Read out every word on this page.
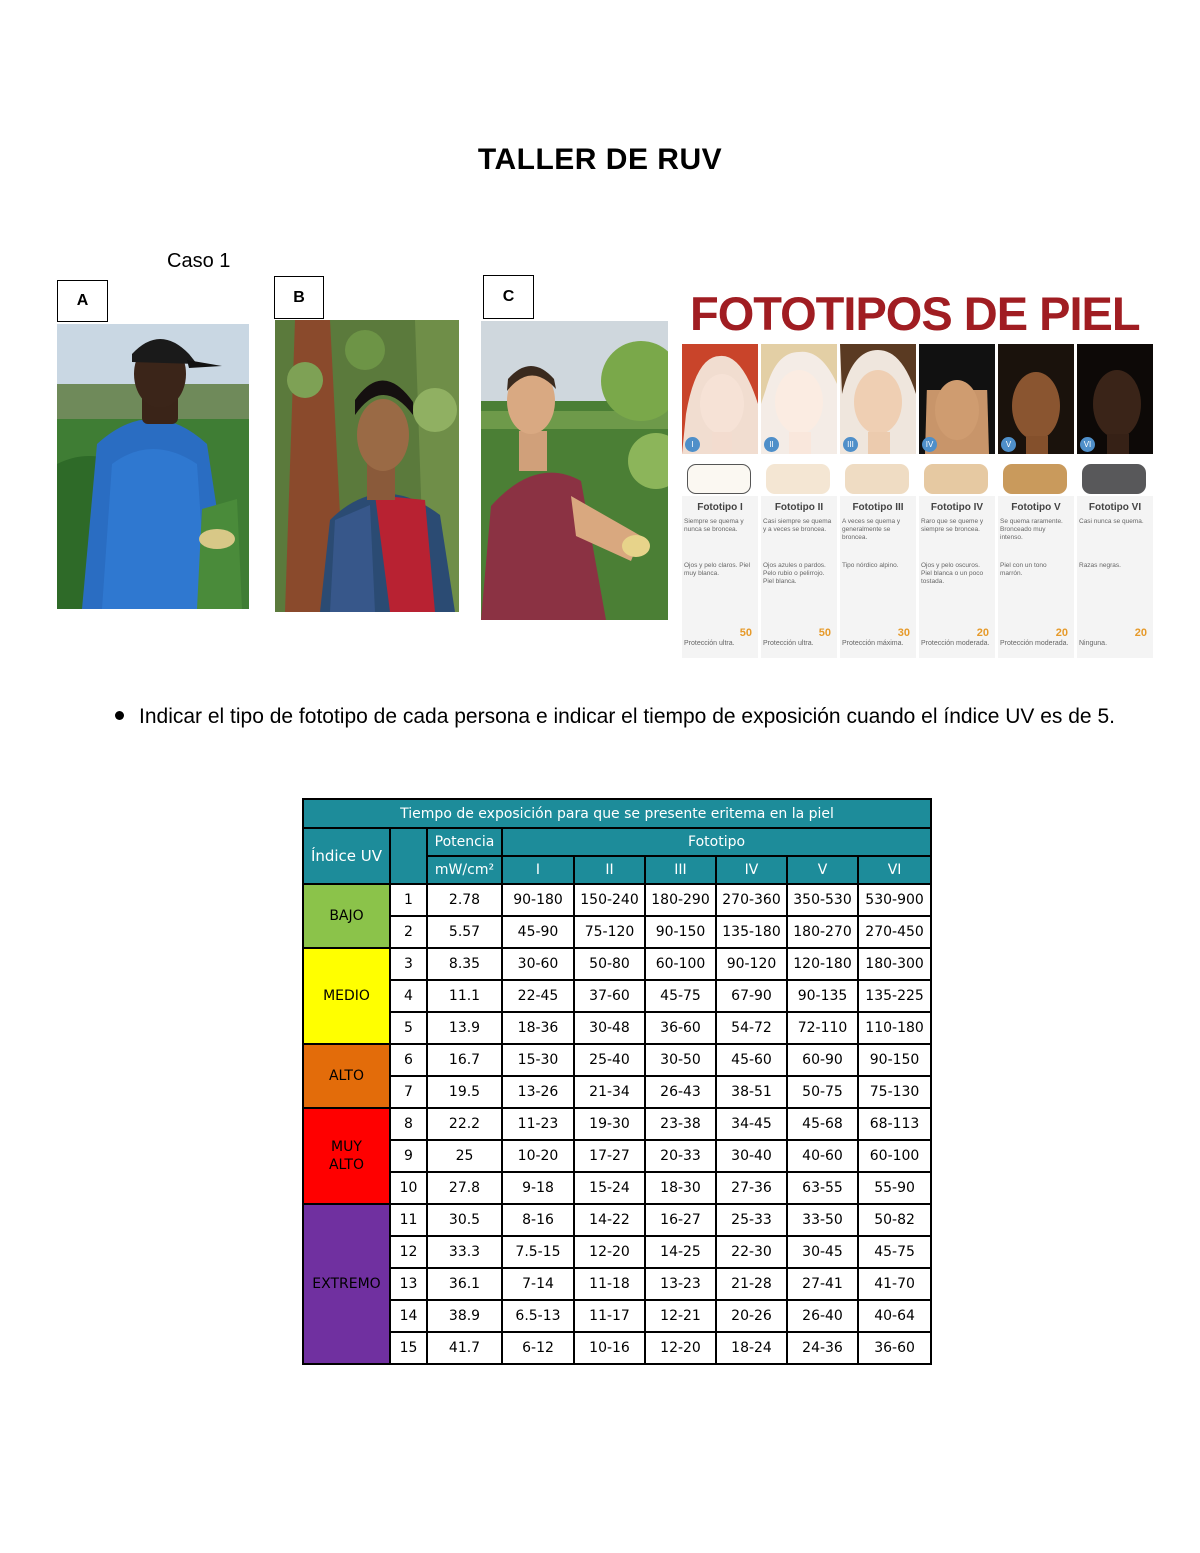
TALLER DE RUV
Caso 1
A	B	C	FOTOTIPOS DE PIEL
I
Fototipo I
Siempre se quema y nunca se broncea.
Ojos y pelo claros. Piel muy blanca.
50
Protección ultra.
II
Fototipo II
Casi siempre se quema y a veces se broncea.
Ojos azules o pardos. Pelo rubio o pelirrojo. Piel blanca.
50
Protección ultra.
III
Fototipo III
A veces se quema y generalmente se broncea.
Tipo nórdico alpino.
30
Protección máxima.
IV
Fototipo IV
Raro que se queme y siempre se broncea.
Ojos y pelo oscuros. Piel blanca o un poco tostada.
20
Protección moderada.
V
Fototipo V
Se quema raramente. Bronceado muy intenso.
Piel con un tono marrón.
20
Protección moderada.
VI
Fototipo VI
Casi nunca se quema.
Razas negras.
20
Ninguna.
Indicar el tipo de fototipo de cada persona e indicar el tiempo de exposición cuando el índice UV es de 5.
Tiempo de exposición para que se presente eritema en la piel								
Índice UV		Potencia	Fototipo					
		mW/cm²	I	II	III	IV	V	VI
BAJO	1	2.78	90-180	150-240	180-290	270-360	350-530	530-900
	2	5.57	45-90	75-120	90-150	135-180	180-270	270-450
MEDIO	3	8.35	30-60	50-80	60-100	90-120	120-180	180-300
	4	11.1	22-45	37-60	45-75	67-90	90-135	135-225
	5	13.9	18-36	30-48	36-60	54-72	72-110	110-180
ALTO	6	16.7	15-30	25-40	30-50	45-60	60-90	90-150
	7	19.5	13-26	21-34	26-43	38-51	50-75	75-130
MUY ALTO	8	22.2	11-23	19-30	23-38	34-45	45-68	68-113
	9	25	10-20	17-27	20-33	30-40	40-60	60-100
	10	27.8	9-18	15-24	18-30	27-36	63-55	55-90
EXTREMO	11	30.5	8-16	14-22	16-27	25-33	33-50	50-82
	12	33.3	7.5-15	12-20	14-25	22-30	30-45	45-75
	13	36.1	7-14	11-18	13-23	21-28	27-41	41-70
	14	38.9	6.5-13	11-17	12-21	20-26	26-40	40-64
	15	41.7	6-12	10-16	12-20	18-24	24-36	36-60
